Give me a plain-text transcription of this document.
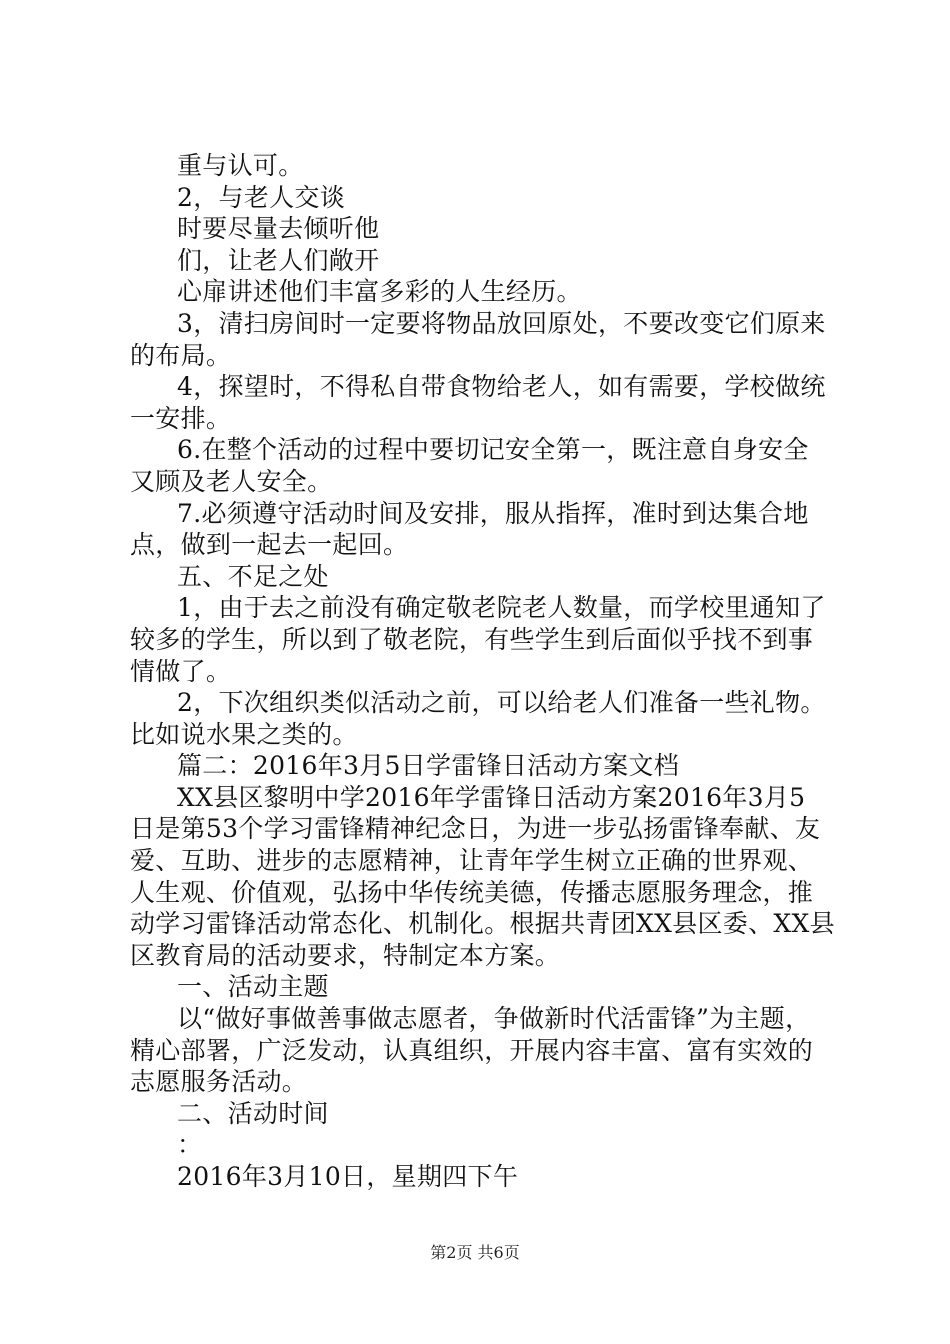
重与认可。
2，与老人交谈
时要尽量去倾听他
们，让老人们敞开
心扉讲述他们丰富多彩的人生经历。
3，清扫房间时一定要将物品放回原处，不要改变它们原来
的布局。
4，探望时，不得私自带食物给老人，如有需要，学校做统
一安排。
6.在整个活动的过程中要切记安全第一，既注意自身安全
又顾及老人安全。
7.必须遵守活动时间及安排，服从指挥，准时到达集合地
点，做到一起去一起回。
五、不足之处
1，由于去之前没有确定敬老院老人数量，而学校里通知了
较多的学生，所以到了敬老院，有些学生到后面似乎找不到事
情做了。
2，下次组织类似活动之前，可以给老人们准备一些礼物。
比如说水果之类的。
篇二：2016年3月5日学雷锋日活动方案文档
XX县区黎明中学2016年学雷锋日活动方案2016年3月5
日是第53个学习雷锋精神纪念日，为进一步弘扬雷锋奉献、友
爱、互助、进步的志愿精神，让青年学生树立正确的世界观、
人生观、价值观，弘扬中华传统美德，传播志愿服务理念，推
动学习雷锋活动常态化、机制化。根据共青团XX县区委、XX县
区教育局的活动要求，特制定本方案。
一、活动主题
以“做好事做善事做志愿者，争做新时代活雷锋”为主题，
精心部署，广泛发动，认真组织，开展内容丰富、富有实效的
志愿服务活动。
二、活动时间
：
2016年3月10日，星期四下午
第2页 共6页
